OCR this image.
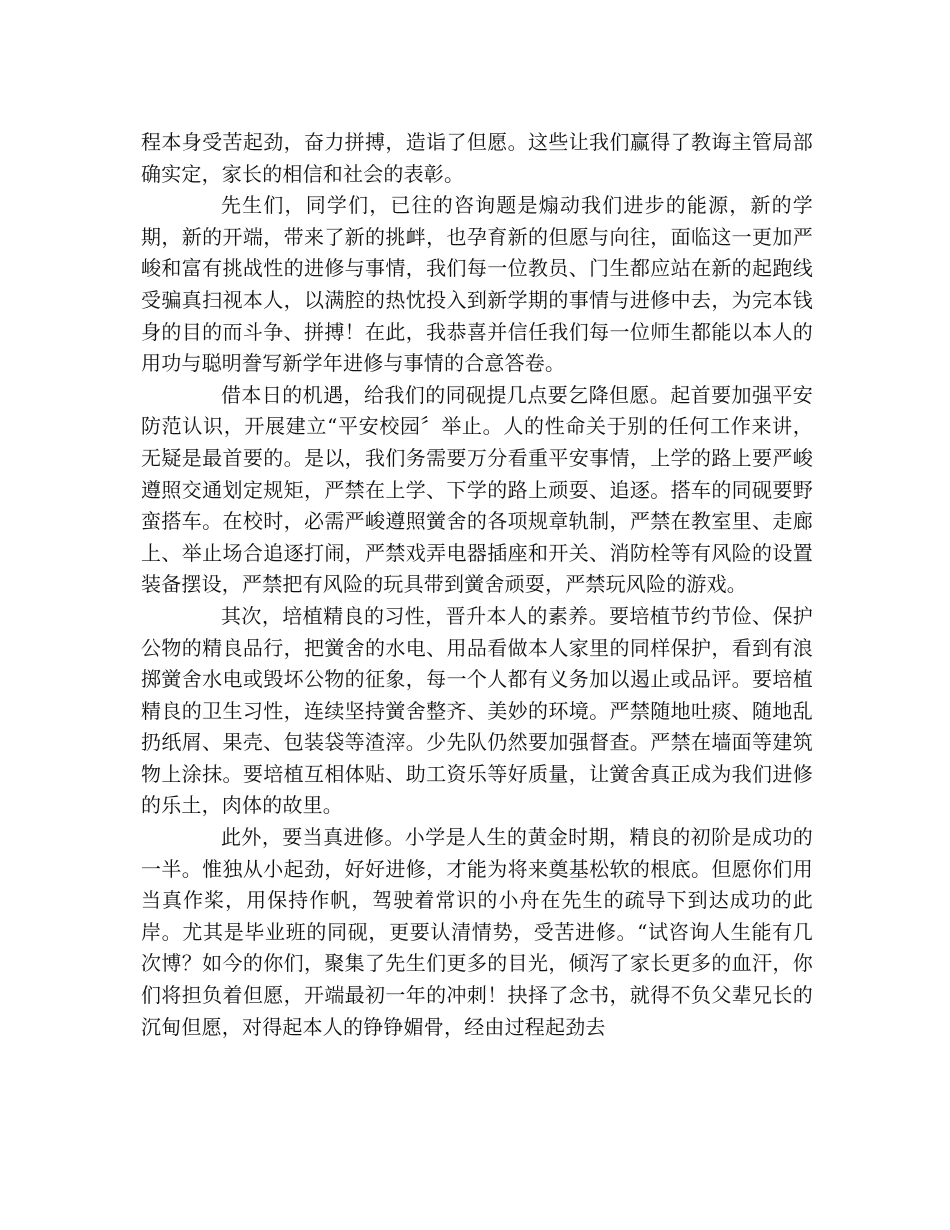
程本身受苦起劲，奋力拼搏，造诣了但愿。这些让我们赢得了教诲主管局部确实定，家长的相信和社会的表彰。

先生们，同学们，已往的咨询题是煽动我们进步的能源，新的学期，新的开端，带来了新的挑衅，也孕育新的但愿与向往，面临这一更加严峻和富有挑战性的进修与事情，我们每一位教员、门生都应站在新的起跑线受骗真扫视本人，以满腔的热忱投入到新学期的事情与进修中去，为完本钱身的目的而斗争、拼搏！在此，我恭喜并信任我们每一位师生都能以本人的用功与聪明誊写新学年进修与事情的合意答卷。

借本日的机遇，给我们的同砚提几点要乞降但愿。起首要加强平安防范认识，开展建立“平安校园〞举止。人的性命关于别的任何工作来讲，无疑是最首要的。是以，我们务需要万分看重平安事情，上学的路上要严峻遵照交通划定规矩，严禁在上学、下学的路上顽耍、追逐。搭车的同砚要野蛮搭车。在校时，必需严峻遵照黉舍的各项规章轨制，严禁在教室里、走廊上、举止场合追逐打闹，严禁戏弄电器插座和开关、消防栓等有风险的设置装备摆设，严禁把有风险的玩具带到黉舍顽耍，严禁玩风险的游戏。

其次，培植精良的习性，晋升本人的素养。要培植节约节俭、保护公物的精良品行，把黉舍的水电、用品看做本人家里的同样保护，看到有浪掷黉舍水电或毁坏公物的征象，每一个人都有义务加以遏止或品评。要培植精良的卫生习性，连续坚持黉舍整齐、美妙的环境。严禁随地吐痰、随地乱扔纸屑、果壳、包装袋等渣滓。少先队仍然要加强督查。严禁在墙面等建筑物上涂抹。要培植互相体贴、助工资乐等好质量，让黉舍真正成为我们进修的乐土，肉体的故里。

此外，要当真进修。小学是人生的黄金时期，精良的初阶是成功的一半。惟独从小起劲，好好进修，才能为将来奠基松软的根底。但愿你们用当真作桨，用保持作帆，驾驶着常识的小舟在先生的疏导下到达成功的此岸。尤其是毕业班的同砚，更要认清情势，受苦进修。“试咨询人生能有几次博？如今的你们，聚集了先生们更多的目光，倾泻了家长更多的血汗，你们将担负着但愿，开端最初一年的冲刺！抉择了念书，就得不负父辈兄长的沉甸但愿，对得起本人的铮铮媚骨，经由过程起劲去
